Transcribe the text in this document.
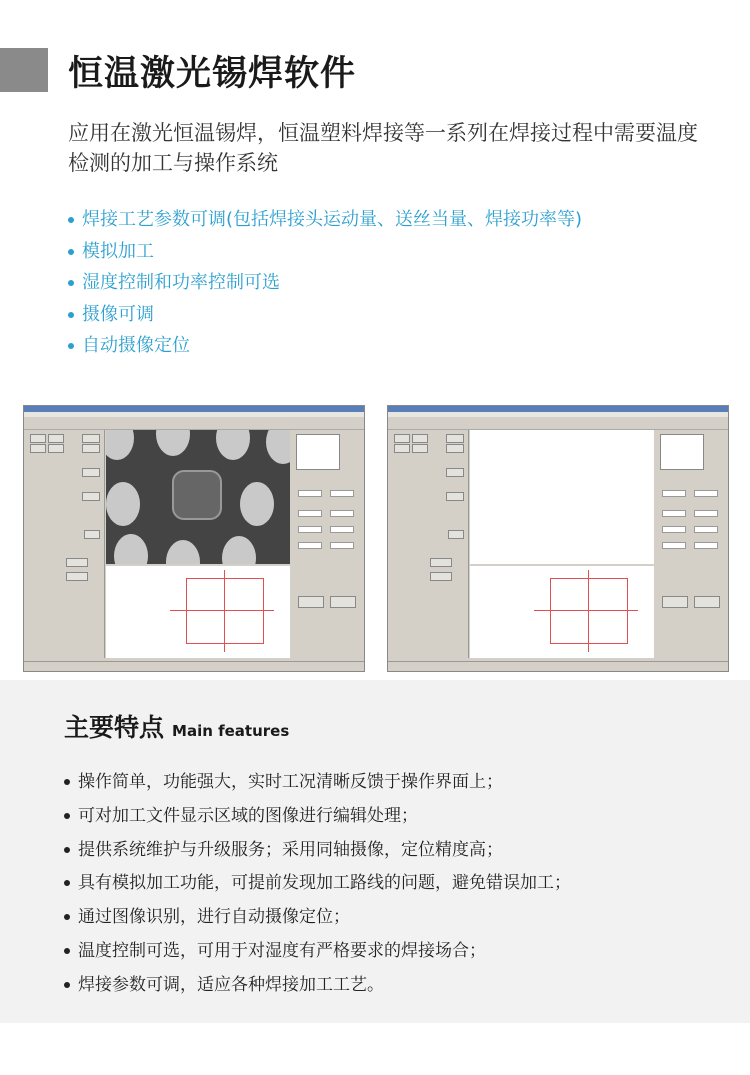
恒温激光锡焊软件

应用在激光恒温锡焊，恒温塑料焊接等一系列在焊接过程中需要温度检测的加工与操作系统

焊接工艺参数可调(包括焊接头运动量、送丝当量、焊接功率等)
模拟加工
湿度控制和功率控制可选
摄像可调
自动摄像定位
主要特点 Main features
操作简单，功能强大，实时工况清晰反馈于操作界面上；
可对加工文件显示区域的图像进行编辑处理；
提供系统维护与升级服务；采用同轴摄像，定位精度高；
具有模拟加工功能，可提前发现加工路线的问题，避免错误加工；
通过图像识别，进行自动摄像定位；
温度控制可选，可用于对湿度有严格要求的焊接场合；
焊接参数可调，适应各种焊接加工工艺。
